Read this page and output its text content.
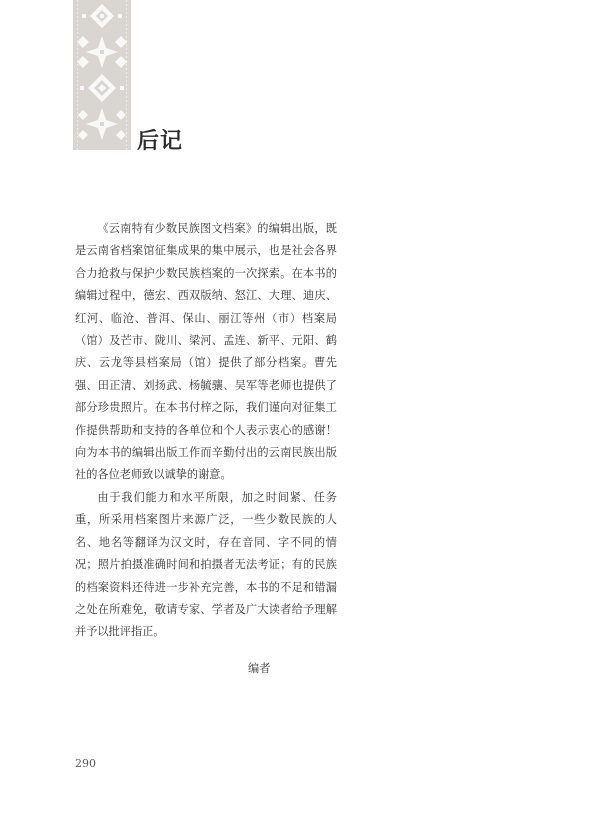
后记

《云南特有少数民族图文档案》的编辑出版，既是云南省档案馆征集成果的集中展示，也是社会各界合力抢救与保护少数民族档案的一次探索。在本书的编辑过程中，德宏、西双版纳、怒江、大理、迪庆、红河、临沧、普洱、保山、丽江等州（市）档案局（馆）及芒市、陇川、梁河、孟连、新平、元阳、鹤庆、云龙等县档案局（馆）提供了部分档案。曹先强、田正清、刘扬武、杨毓骧、吴军等老师也提供了部分珍贵照片。在本书付梓之际，我们谨向对征集工作提供帮助和支持的各单位和个人表示衷心的感谢！向为本书的编辑出版工作而辛勤付出的云南民族出版社的各位老师致以诚挚的谢意。

由于我们能力和水平所限，加之时间紧、任务重，所采用档案图片来源广泛，一些少数民族的人名、地名等翻译为汉文时，存在音同、字不同的情况；照片拍摄准确时间和拍摄者无法考证；有的民族的档案资料还待进一步补充完善，本书的不足和错漏之处在所难免，敬请专家、学者及广大读者给予理解并予以批评指正。

编者
290
